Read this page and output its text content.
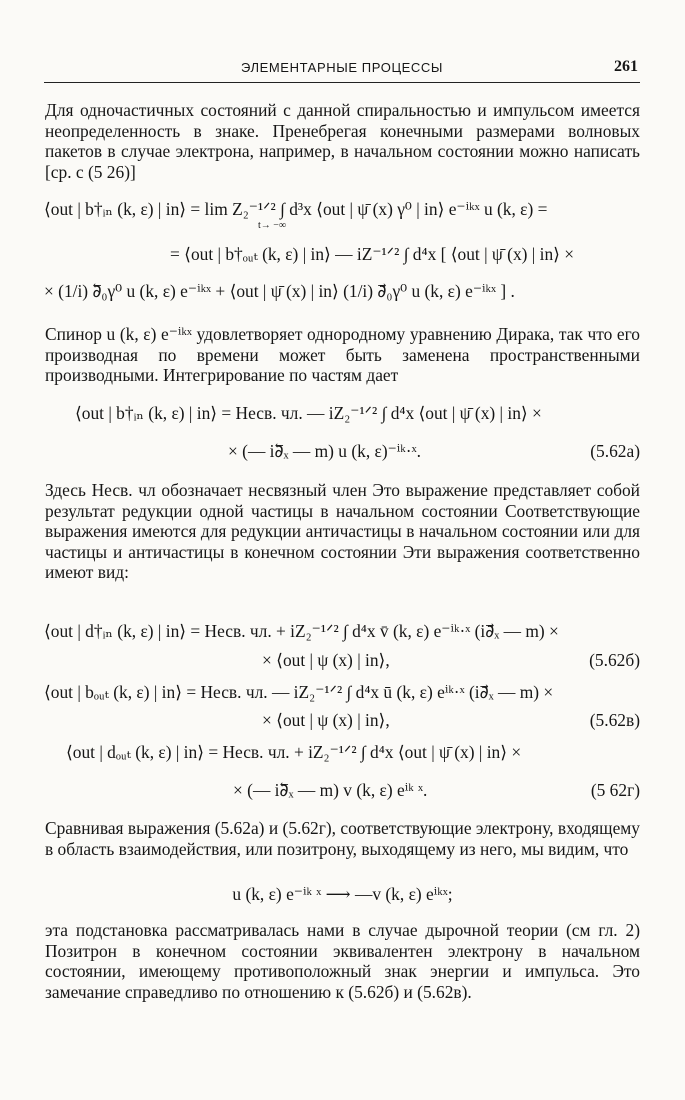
ЭЛЕМЕНТАРНЫЕ ПРОЦЕССЫ	261

Для одночастичных состояний с данной спиральностью и импульсом имеется неопределенность в знаке. Пренебрегая конечными размерами волновых пакетов в случае электрона, например, в начальном состоянии можно написать [ср. с (5 26)]

⟨out | b†ᵢₙ (k, ε) | in⟩ = lim Z₂⁻¹ᐟ² ∫ d³x ⟨out | ψ̄ (x) γ⁰ | in⟩ e⁻ⁱᵏˣ u (k, ε) =
t→ −∞
= ⟨out | b†ₒᵤₜ (k, ε) | in⟩ — iZ⁻¹ᐟ² ∫ d⁴x [ ⟨out | ψ̄ (x) | in⟩ ×
× (1/i) ∂⃖₀γ⁰ u (k, ε) e⁻ⁱᵏˣ + ⟨out | ψ̄ (x) | in⟩ (1/i) ∂⃗₀γ⁰ u (k, ε) e⁻ⁱᵏˣ ] .

Спинор u (k, ε) e⁻ⁱᵏˣ удовлетворяет однородному уравнению Дирака, так что его производная по времени может быть заменена пространственными производными. Интегрирование по частям дает

⟨out | b†ᵢₙ (k, ε) | in⟩ = Несв. чл. — iZ₂⁻¹ᐟ² ∫ d⁴x ⟨out | ψ̄ (x) | in⟩ ×
× (— i∂⃖ₓ — m) u (k, ε)⁻ⁱᵏ·ˣ.	(5.62а)

Здесь Несв. чл обозначает несвязный член Это выражение представляет собой результат редукции одной частицы в начальном состоянии Соответствующие выражения имеются для редукции античастицы в начальном состоянии или для частицы и античастицы в конечном состоянии Эти выражения соответственно имеют вид:

⟨out | d†ᵢₙ (k, ε) | in⟩ = Несв. чл. + iZ₂⁻¹ᐟ² ∫ d⁴x v̄ (k, ε) e⁻ⁱᵏ·ˣ (i∂⃗ₓ — m) ×
× ⟨out | ψ (x) | in⟩,	(5.62б)
⟨out | bₒᵤₜ (k, ε) | in⟩ = Несв. чл. — iZ₂⁻¹ᐟ² ∫ d⁴x ū (k, ε) eⁱᵏ·ˣ (i∂⃗ₓ — m) ×
× ⟨out | ψ (x) | in⟩,	(5.62в)
⟨out | dₒᵤₜ (k, ε) | in⟩ = Несв. чл. + iZ₂⁻¹ᐟ² ∫ d⁴x ⟨out | ψ̄ (x) | in⟩ ×
× (— i∂⃖ₓ — m) v (k, ε) eⁱᵏ ˣ.	(5 62г)

Сравнивая выражения (5.62а) и (5.62г), соответствующие электрону, входящему в область взаимодействия, или позитрону, выходящему из него, мы видим, что

u (k, ε) e⁻ⁱᵏ ˣ ⟶ —v (k, ε) eⁱᵏˣ;

эта подстановка рассматривалась нами в случае дырочной теории (см гл. 2) Позитрон в конечном состоянии эквивалентен электрону в начальном состоянии, имеющему противоположный знак энергии и импульса. Это замечание справедливо по отношению к (5.62б) и (5.62в).
